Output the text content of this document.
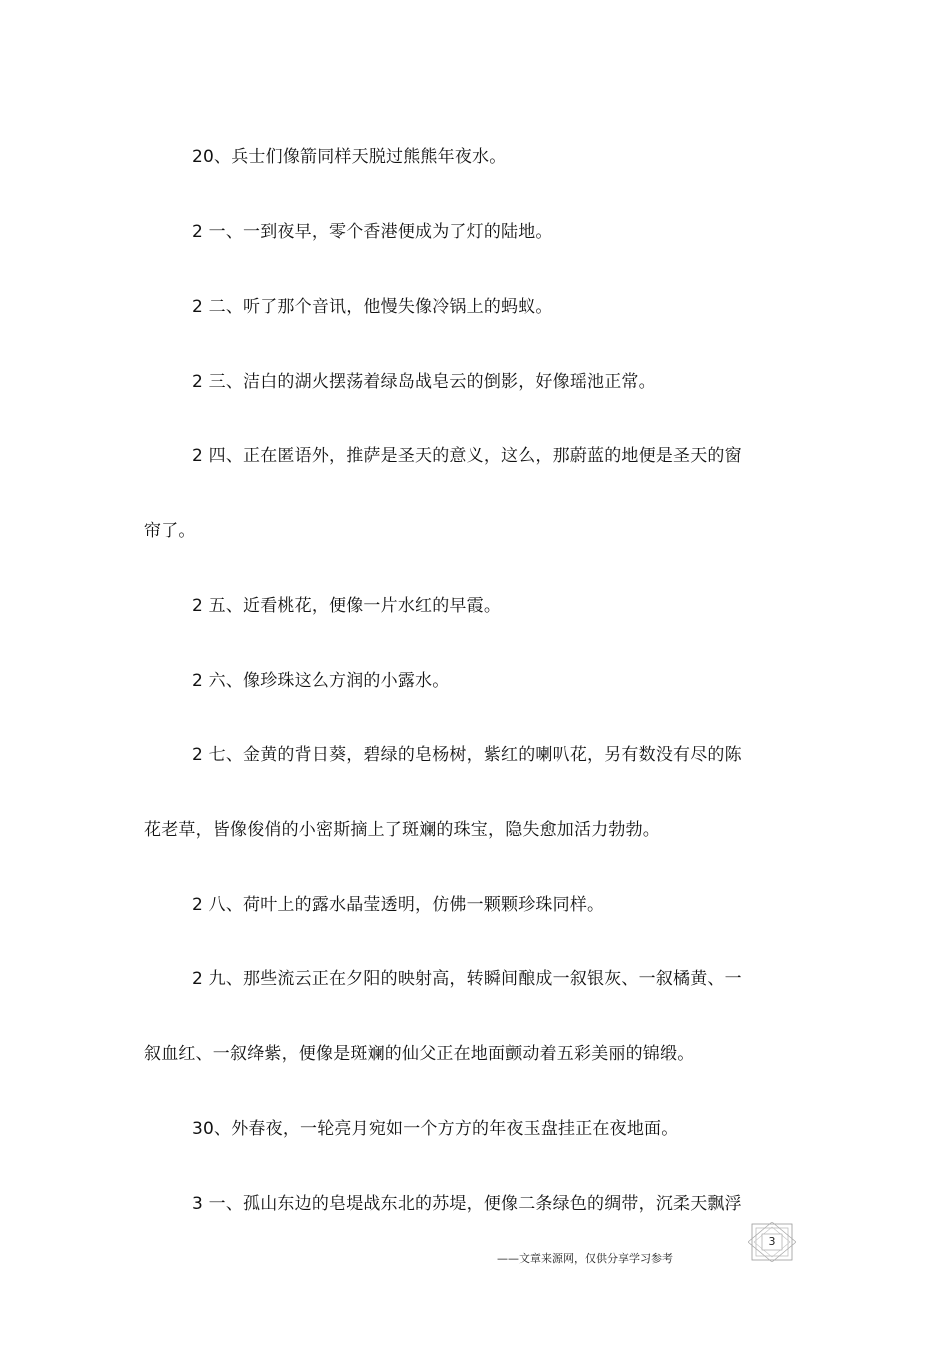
20、兵士们像箭同样天脱过熊熊年夜水。
2 一、一到夜早，零个香港便成为了灯的陆地。
2 二、听了那个音讯，他慢失像冷锅上的蚂蚁。
2 三、洁白的湖火摆荡着绿岛战皂云的倒影，好像瑶池正常。
2 四、正在匿语外，推萨是圣天的意义，这么，那蔚蓝的地便是圣天的窗
帘了。
2 五、近看桃花，便像一片水红的早霞。
2 六、像珍珠这么方润的小露水。
2 七、金黄的背日葵，碧绿的皂杨树，紫红的喇叭花，另有数没有尽的陈
花老草，皆像俊俏的小密斯摘上了斑斓的珠宝，隐失愈加活力勃勃。
2 八、荷叶上的露水晶莹透明，仿佛一颗颗珍珠同样。
2 九、那些流云正在夕阳的映射高，转瞬间酿成一叙银灰、一叙橘黄、一
叙血红、一叙绛紫，便像是斑斓的仙父正在地面颤动着五彩美丽的锦缎。
30、外春夜，一轮亮月宛如一个方方的年夜玉盘挂正在夜地面。
3 一、孤山东边的皂堤战东北的苏堤，便像二条绿色的绸带，沉柔天飘浮
——文章来源网，仅供分享学习参考
3
